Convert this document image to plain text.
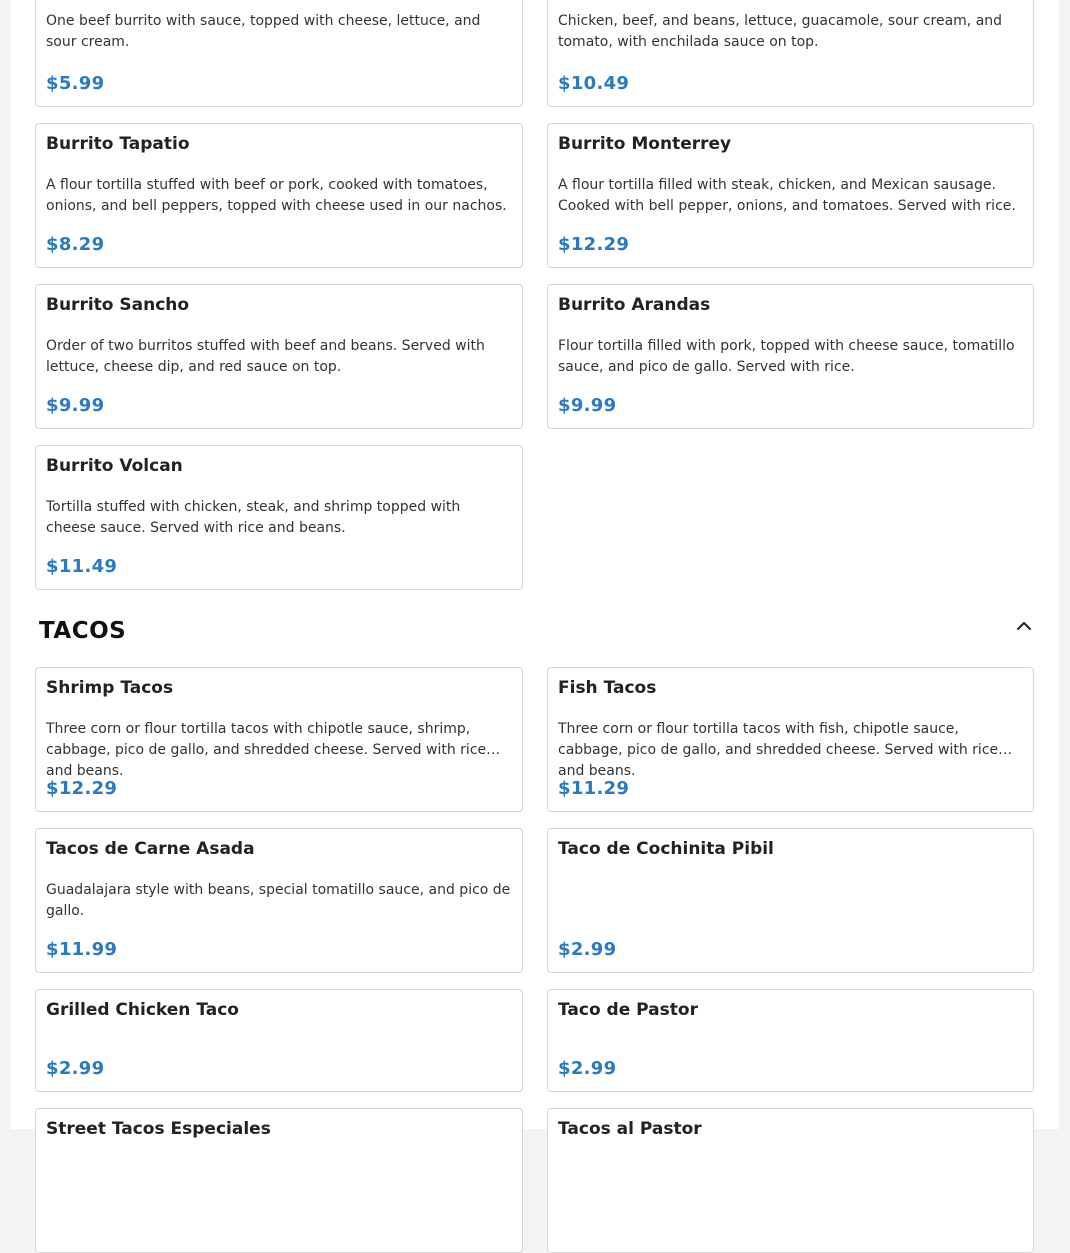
One beef burrito with sauce, topped with cheese, lettuce, and sour cream.
$5.99
Chicken, beef, and beans, lettuce, guacamole, sour cream, and tomato, with enchilada sauce on top.
$10.49
Burrito Tapatio
A flour tortilla stuffed with beef or pork, cooked with tomatoes, onions, and bell peppers, topped with cheese used in our nachos.
$8.29
Burrito Monterrey
A flour tortilla filled with steak, chicken, and Mexican sausage. Cooked with bell pepper, onions, and tomatoes. Served with rice.
$12.29
Burrito Sancho
Order of two burritos stuffed with beef and beans. Served with lettuce, cheese dip, and red sauce on top.
$9.99
Burrito Arandas
Flour tortilla filled with pork, topped with cheese sauce, tomatillo sauce, and pico de gallo. Served with rice.
$9.99
Burrito Volcan
Tortilla stuffed with chicken, steak, and shrimp topped with cheese sauce. Served with rice and beans.
$11.49
TACOS
Shrimp Tacos
Three corn or flour tortilla tacos with chipotle sauce, shrimp, cabbage, pico de gallo, and shredded cheese. Served with rice and beans.
$12.29
Fish Tacos
Three corn or flour tortilla tacos with fish, chipotle sauce, cabbage, pico de gallo, and shredded cheese. Served with rice and beans.
$11.29
Tacos de Carne Asada
Guadalajara style with beans, special tomatillo sauce, and pico de gallo.
$11.99
Taco de Cochinita Pibil
$2.99
Grilled Chicken Taco
$2.99
Taco de Pastor
$2.99
Street Tacos Especiales	Tacos al Pastor
